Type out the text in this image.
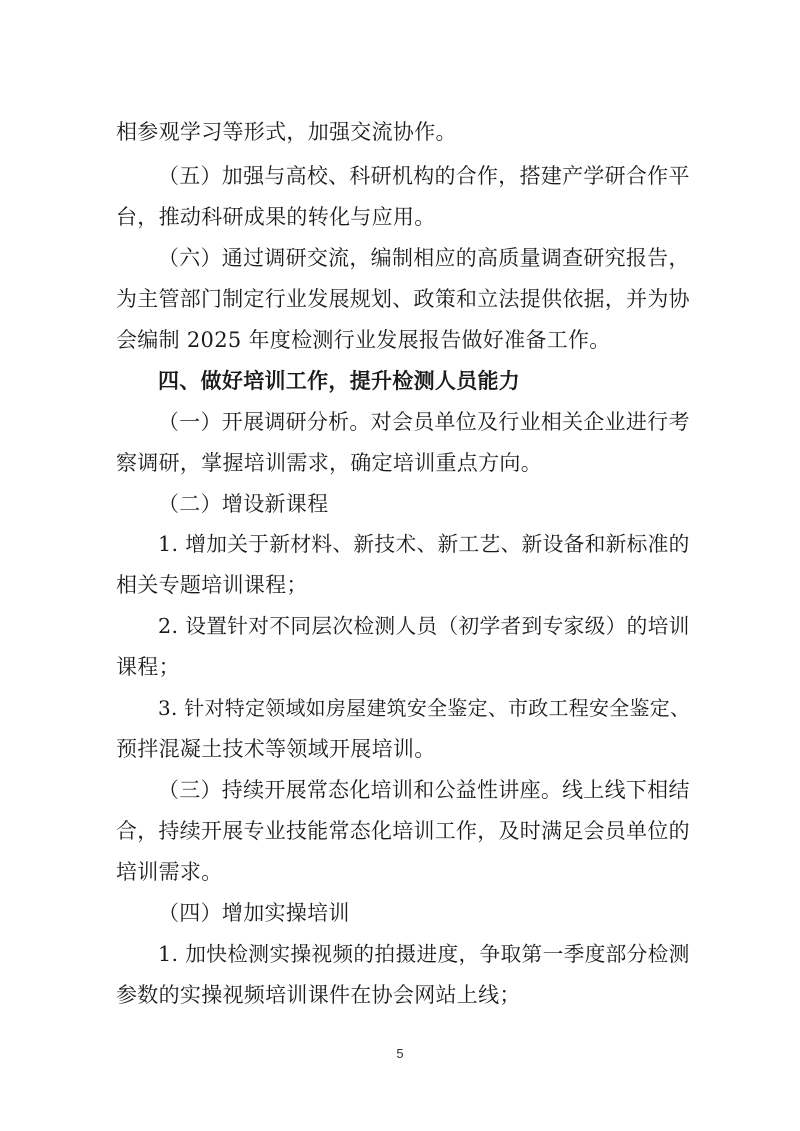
相参观学习等形式，加强交流协作。
（五）加强与高校、科研机构的合作，搭建产学研合作平
台，推动科研成果的转化与应用。
（六）通过调研交流，编制相应的高质量调查研究报告，
为主管部门制定行业发展规划、政策和立法提供依据，并为协
会编制 2025 年度检测行业发展报告做好准备工作。
四、做好培训工作，提升检测人员能力
（一）开展调研分析。对会员单位及行业相关企业进行考
察调研，掌握培训需求，确定培训重点方向。
（二）增设新课程
1. 增加关于新材料、新技术、新工艺、新设备和新标准的
相关专题培训课程；
2. 设置针对不同层次检测人员（初学者到专家级）的培训
课程；
3. 针对特定领域如房屋建筑安全鉴定、市政工程安全鉴定、
预拌混凝土技术等领域开展培训。
（三）持续开展常态化培训和公益性讲座。线上线下相结
合，持续开展专业技能常态化培训工作，及时满足会员单位的
培训需求。
（四）增加实操培训
1. 加快检测实操视频的拍摄进度，争取第一季度部分检测
参数的实操视频培训课件在协会网站上线；
5
